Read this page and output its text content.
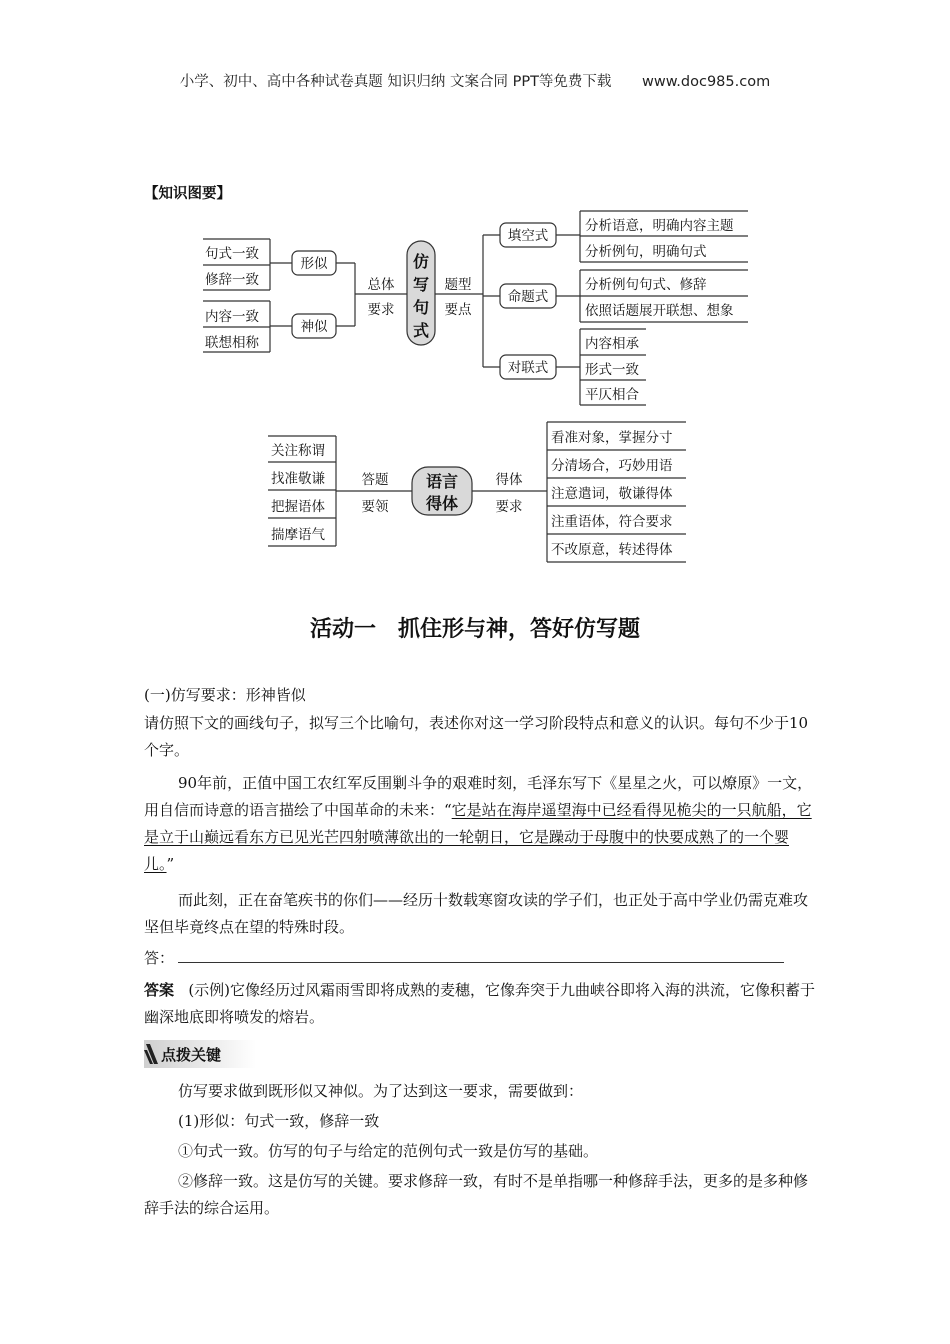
小学、初中、高中各种试卷真题 知识归纳 文案合同 PPT等免费下载 www.doc985.com
【知识图要】
仿
写
句
式
句式一致
修辞一致
内容一致
联想相称
形似
神似
总体
要求
题型
要点
填空式
命题式
对联式
分析语意，明确内容主题
分析例句，明确句式
分析例句句式、修辞
依照话题展开联想、想象
内容相承
形式一致
平仄相合
语言
得体
关注称谓
找准敬谦
把握语体
揣摩语气
答题
要领
得体
要求
看准对象，掌握分寸
分清场合，巧妙用语
注意遣词，敬谦得体
注重语体，符合要求
不改原意，转述得体
活动一　抓住形与神，答好仿写题
(一)仿写要求：形神皆似
请仿照下文的画线句子，拟写三个比喻句，表述你对这一学习阶段特点和意义的认识。每句不少于10个字。
90年前，正值中国工农红军反围剿斗争的艰难时刻，毛泽东写下《星星之火，可以燎原》一文，用自信而诗意的语言描绘了中国革命的未来：“它是站在海岸遥望海中已经看得见桅尖的一只航船，它是立于山巅远看东方已见光芒四射喷薄欲出的一轮朝日，它是躁动于母腹中的快要成熟了的一个婴儿。”
而此刻，正在奋笔疾书的你们——经历十数载寒窗攻读的学子们，也正处于高中学业仍需克难攻坚但毕竟终点在望的特殊时段。
答：
答案 (示例)它像经历过风霜雨雪即将成熟的麦穗，它像奔突于九曲峡谷即将入海的洪流，它像积蓄于幽深地底即将喷发的熔岩。
点拨关键
仿写要求做到既形似又神似。为了达到这一要求，需要做到：
(1)形似：句式一致，修辞一致
①句式一致。仿写的句子与给定的范例句式一致是仿写的基础。
②修辞一致。这是仿写的关键。要求修辞一致，有时不是单指哪一种修辞手法，更多的是多种修辞手法的综合运用。
